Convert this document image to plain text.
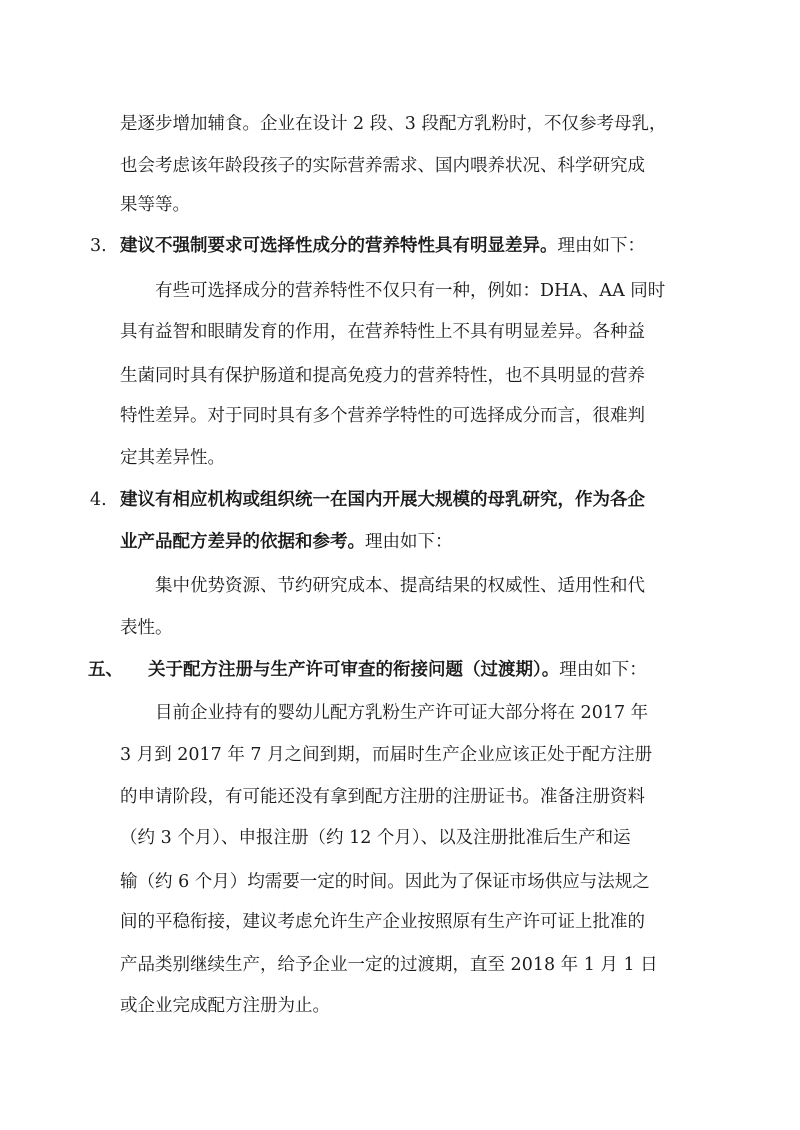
是逐步增加辅食。企业在设计 2 段、3 段配方乳粉时，不仅参考母乳，
也会考虑该年龄段孩子的实际营养需求、国内喂养状况、科学研究成
果等等。
3. 建议不强制要求可选择性成分的营养特性具有明显差异。理由如下：
有些可选择成分的营养特性不仅只有一种，例如：DHA、AA 同时
具有益智和眼睛发育的作用，在营养特性上不具有明显差异。各种益
生菌同时具有保护肠道和提高免疫力的营养特性，也不具明显的营养
特性差异。对于同时具有多个营养学特性的可选择成分而言，很难判
定其差异性。
4. 建议有相应机构或组织统一在国内开展大规模的母乳研究，作为各企
业产品配方差异的依据和参考。理由如下：
集中优势资源、节约研究成本、提高结果的权威性、适用性和代
表性。
五、 关于配方注册与生产许可审查的衔接问题（过渡期）。理由如下：
目前企业持有的婴幼儿配方乳粉生产许可证大部分将在 2017 年
3 月到 2017 年 7 月之间到期，而届时生产企业应该正处于配方注册
的申请阶段，有可能还没有拿到配方注册的注册证书。准备注册资料
（约 3 个月）、申报注册（约 12 个月）、以及注册批准后生产和运
输（约 6 个月）均需要一定的时间。因此为了保证市场供应与法规之
间的平稳衔接，建议考虑允许生产企业按照原有生产许可证上批准的
产品类别继续生产，给予企业一定的过渡期，直至 2018 年 1 月 1 日
或企业完成配方注册为止。
